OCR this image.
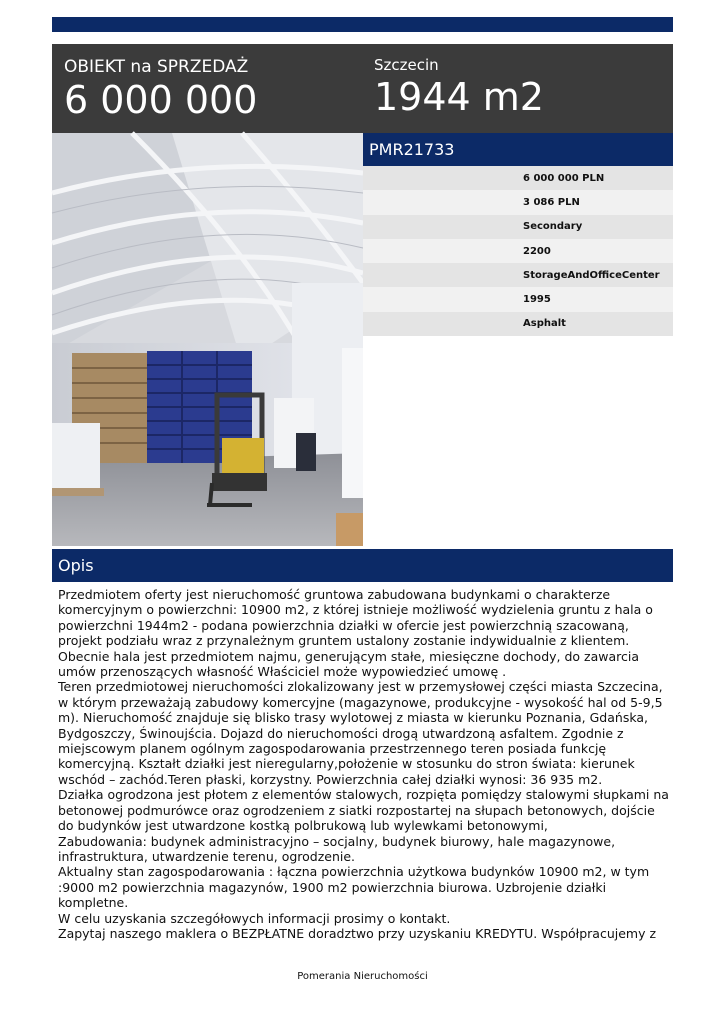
OBIEKT na SPRZEDAŻ
6 000 000
Szczecin
1944 m2
PMR21733
6 000 000 PLN
3 086 PLN
Secondary
2200
StorageAndOfficeCenter
1995
Asphalt
Opis
Przedmiotem oferty jest nieruchomość gruntowa zabudowana budynkami o charakterze komercyjnym o powierzchni: 10900 m2, z której istnieje możliwość wydzielenia gruntu z hala o powierzchni 1944m2 - podana powierzchnia działki w ofercie jest powierzchnią szacowaną, projekt podziału wraz z przynależnym gruntem ustalony zostanie indywidualnie z klientem. Obecnie hala jest przedmiotem najmu, generującym stałe, miesięczne dochody, do zawarcia umów przenoszących własność Właściciel może wypowiedzieć umowę .
Teren przedmiotowej nieruchomości zlokalizowany jest w przemysłowej części miasta Szczecina, w którym przeważają zabudowy komercyjne (magazynowe, produkcyjne - wysokość hal od 5-9,5 m). Nieruchomość znajduje się blisko trasy wylotowej z miasta w kierunku Poznania, Gdańska, Bydgoszczy, Świnoujścia. Dojazd do nieruchomości drogą utwardzoną asfaltem. Zgodnie z miejscowym planem ogólnym zagospodarowania przestrzennego teren posiada funkcję komercyjną. Kształt działki jest nieregularny,położenie w stosunku do stron świata: kierunek wschód – zachód.Teren płaski, korzystny. Powierzchnia całej działki wynosi: 36 935 m2.
Działka ogrodzona jest płotem z elementów stalowych, rozpięta pomiędzy stalowymi słupkami na betonowej podmurówce oraz ogrodzeniem z siatki rozpostartej na słupach betonowych, dojście do budynków jest utwardzone kostką polbrukową lub wylewkami betonowymi,
Zabudowania: budynek administracyjno – socjalny, budynek biurowy, hale magazynowe, infrastruktura, utwardzenie terenu, ogrodzenie.
Aktualny stan zagospodarowania : łączna powierzchnia użytkowa budynków 10900 m2, w tym :9000 m2 powierzchnia magazynów, 1900 m2 powierzchnia biurowa. Uzbrojenie działki kompletne.
W celu uzyskania szczegółowych informacji prosimy o kontakt.
Zapytaj naszego maklera o BEZPŁATNE doradztwo przy uzyskaniu KREDYTU. Współpracujemy z
Pomerania Nieruchomości
